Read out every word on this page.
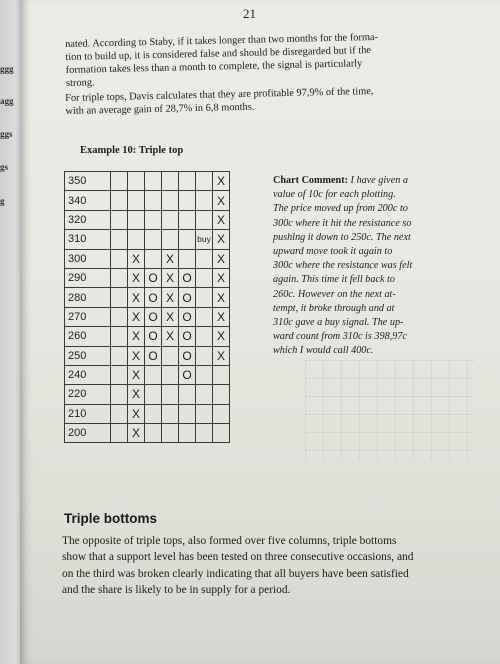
ggg
agg
ggs
gs
g
21
nated. According to Staby, if it takes longer than two months for the forma-
tion to build up, it is considered false and should be disregarded but if the
formation takes less than a month to complete, the signal is particularly
strong.
For triple tops, Davis calculates that they are profitable 97,9% of the time,
with an average gain of 28,7% in 6,8 months.
Example 10: Triple top
350							X
340							X
320							X
310						buy	X
300		X		X			X
290		X	O	X	O		X
280		X	O	X	O		X
270		X	O	X	O		X
260		X	O	X	O		X
250		X	O		O		X
240		X			O		
220		X					
210		X					
200		X					
Chart Comment: I have given a
value of 10c for each plotting.
The price moved up from 200c to
300c where it hit the resistance so
pushing it down to 250c. The next
upward move took it again to
300c where the resistance was felt
again. This time it fell back to
260c. However on the next at-
tempt, it broke through and at
310c gave a buy signal. The up-
ward count from 310c is 398,97c
which I would call 400c.
Triple bottoms
The opposite of triple tops, also formed over five columns, triple bottoms
show that a support level has been tested on three consecutive occasions, and
on the third was broken clearly indicating that all buyers have been satisfied
and the share is likely to be in supply for a period.
